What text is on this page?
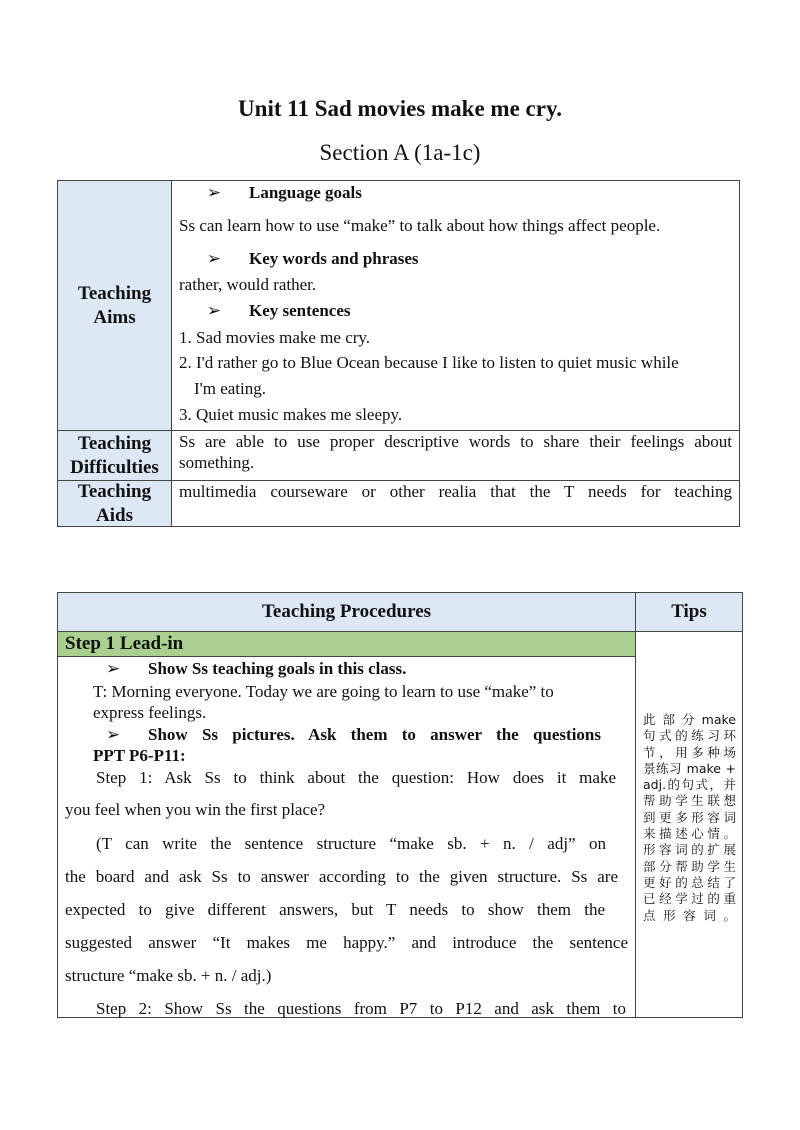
Unit 11 Sad movies make me cry.
Section A (1a-1c)
Teaching Aims
➢ Language goals
Ss can learn how to use “make” to talk about how things affect people.
➢ Key words and phrases
rather, would rather.
➢ Key sentences
1. Sad movies make me cry.
2. I'd rather go to Blue Ocean because I like to listen to quiet music while
I'm eating.
3. Quiet music makes me sleepy.
Teaching Difficulties
Ss are able to use proper descriptive words to share their feelings about
something.
Teaching Aids
multimedia courseware or other realia that the T needs for teaching
Teaching Procedures	Tips
Step 1 Lead-in
➢ Show Ss teaching goals in this class.
T: Morning everyone. Today we are going to learn to use “make” to
express feelings.
➢ Show Ss pictures. Ask them to answer the questions
PPT P6-P11:
Step 1: Ask Ss to think about the question: How does it make
you feel when you win the first place?
(T can write the sentence structure “make sb. + n. / adj” on
the board and ask Ss to answer according to the given structure. Ss are
expected to give different answers, but T needs to show them the
suggested answer “It makes me happy.” and introduce the sentence
structure “make sb. + n. / adj.)
Step 2: Show Ss the questions from P7 to P12 and ask them to
此 部 分 make
句式的练习环
节，用多种场
景练习 make +
adj.的句式，并
帮助学生联想
到更多形容词
来描述心情。
形容词的扩展
部分帮助学生
更好的总结了
已经学过的重
点形容词。
